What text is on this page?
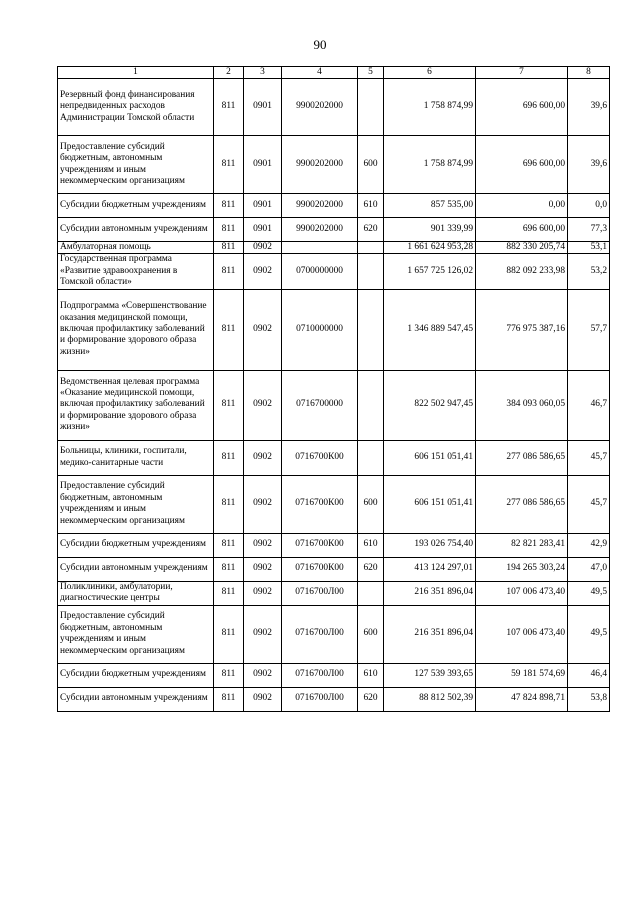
90
1	2	3	4	5	6	7	8
Резервный фонд финансирования непредвиденных расходов Администрации Томской области	811	0901	9900202000		1 758 874,99	696 600,00	39,6
Предоставление субсидий бюджетным, автономным учреждениям и иным некоммерческим организациям	811	0901	9900202000	600	1 758 874,99	696 600,00	39,6
Субсидии бюджетным учреждениям	811	0901	9900202000	610	857 535,00	0,00	0,0
Субсидии автономным учреждениям	811	0901	9900202000	620	901 339,99	696 600,00	77,3
Амбулаторная помощь	811	0902			1 661 624 953,28	882 330 205,74	53,1
Государственная программа «Развитие здравоохранения в Томской области»	811	0902	0700000000		1 657 725 126,02	882 092 233,98	53,2
Подпрограмма «Совершенствование оказания медицинской помощи, включая профилактику заболеваний и формирование здорового образа жизни»	811	0902	0710000000		1 346 889 547,45	776 975 387,16	57,7
Ведомственная целевая программа «Оказание медицинской помощи, включая профилактику заболеваний и формирование здорового образа жизни»	811	0902	0716700000		822 502 947,45	384 093 060,05	46,7
Больницы, клиники, госпитали, медико-санитарные части	811	0902	0716700К00		606 151 051,41	277 086 586,65	45,7
Предоставление субсидий бюджетным, автономным учреждениям и иным некоммерческим организациям	811	0902	0716700К00	600	606 151 051,41	277 086 586,65	45,7
Субсидии бюджетным учреждениям	811	0902	0716700К00	610	193 026 754,40	82 821 283,41	42,9
Субсидии автономным учреждениям	811	0902	0716700К00	620	413 124 297,01	194 265 303,24	47,0
Поликлиники, амбулатории, диагностические центры	811	0902	0716700Л00		216 351 896,04	107 006 473,40	49,5
Предоставление субсидий бюджетным, автономным учреждениям и иным некоммерческим организациям	811	0902	0716700Л00	600	216 351 896,04	107 006 473,40	49,5
Субсидии бюджетным учреждениям	811	0902	0716700Л00	610	127 539 393,65	59 181 574,69	46,4
Субсидии автономным учреждениям	811	0902	0716700Л00	620	88 812 502,39	47 824 898,71	53,8
